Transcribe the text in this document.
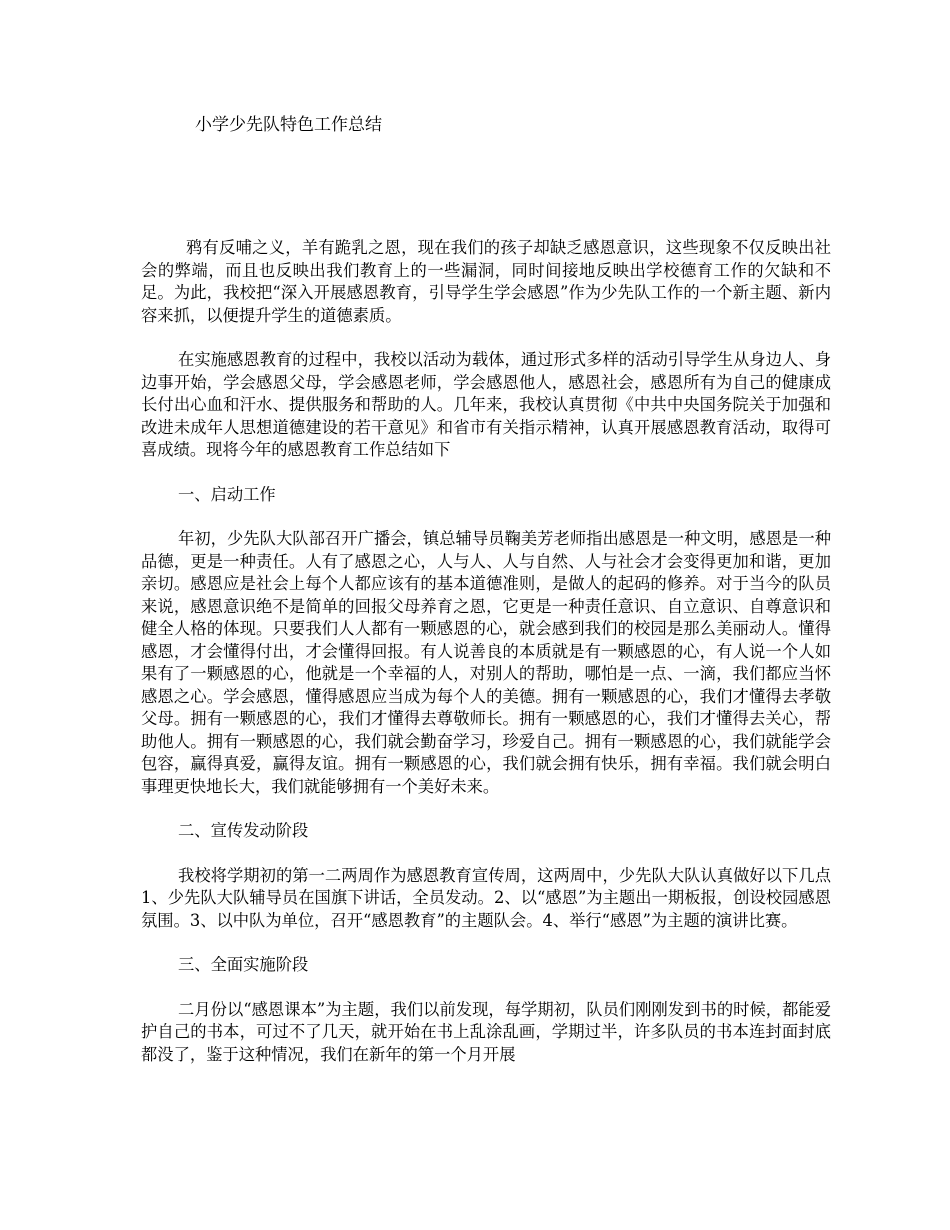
小学少先队特色工作总结

鸦有反哺之义，羊有跪乳之恩，现在我们的孩子却缺乏感恩意识，这些现象不仅反映出社会的弊端，而且也反映出我们教育上的一些漏洞，同时间接地反映出学校德育工作的欠缺和不足。为此，我校把“深入开展感恩教育，引导学生学会感恩”作为少先队工作的一个新主题、新内容来抓，以便提升学生的道德素质。

在实施感恩教育的过程中，我校以活动为载体，通过形式多样的活动引导学生从身边人、身边事开始，学会感恩父母，学会感恩老师，学会感恩他人，感恩社会，感恩所有为自己的健康成长付出心血和汗水、提供服务和帮助的人。几年来，我校认真贯彻《中共中央国务院关于加强和改进未成年人思想道德建设的若干意见》和省市有关指示精神，认真开展感恩教育活动，取得可喜成绩。现将今年的感恩教育工作总结如下

一、启动工作

年初，少先队大队部召开广播会，镇总辅导员鞠美芳老师指出感恩是一种文明，感恩是一种品德，更是一种责任。人有了感恩之心，人与人、人与自然、人与社会才会变得更加和谐，更加亲切。感恩应是社会上每个人都应该有的基本道德准则，是做人的起码的修养。对于当今的队员来说，感恩意识绝不是简单的回报父母养育之恩，它更是一种责任意识、自立意识、自尊意识和健全人格的体现。只要我们人人都有一颗感恩的心，就会感到我们的校园是那么美丽动人。懂得感恩，才会懂得付出，才会懂得回报。有人说善良的本质就是有一颗感恩的心，有人说一个人如果有了一颗感恩的心，他就是一个幸福的人，对别人的帮助，哪怕是一点、一滴，我们都应当怀感恩之心。学会感恩，懂得感恩应当成为每个人的美德。拥有一颗感恩的心，我们才懂得去孝敬父母。拥有一颗感恩的心，我们才懂得去尊敬师长。拥有一颗感恩的心，我们才懂得去关心，帮助他人。拥有一颗感恩的心，我们就会勤奋学习，珍爱自己。拥有一颗感恩的心，我们就能学会包容，赢得真爱，赢得友谊。拥有一颗感恩的心，我们就会拥有快乐，拥有幸福。我们就会明白事理更快地长大，我们就能够拥有一个美好未来。

二、宣传发动阶段

我校将学期初的第一二两周作为感恩教育宣传周，这两周中，少先队大队认真做好以下几点1、少先队大队辅导员在国旗下讲话，全员发动。2、以“感恩”为主题出一期板报，创设校园感恩氛围。3、以中队为单位，召开“感恩教育”的主题队会。4、举行“感恩”为主题的演讲比赛。

三、全面实施阶段

二月份以“感恩课本”为主题，我们以前发现，每学期初，队员们刚刚发到书的时候，都能爱护自己的书本，可过不了几天，就开始在书上乱涂乱画，学期过半，许多队员的书本连封面封底都没了，鉴于这种情况，我们在新年的第一个月开展
